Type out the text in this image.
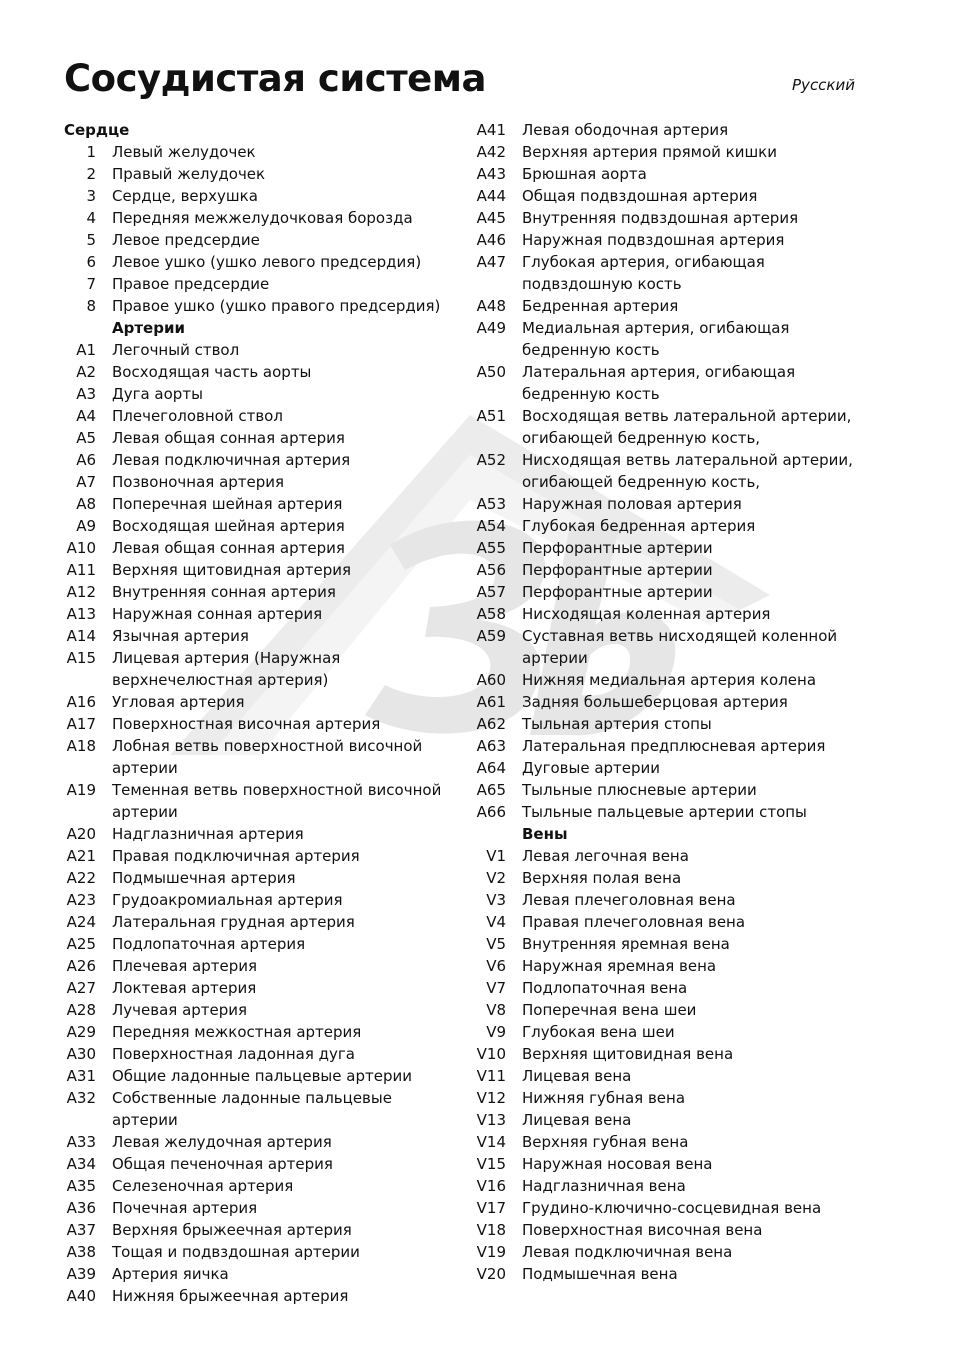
Сосудистая система	Русский
Сердце
1	Левый желудочек
2	Правый желудочек
3	Сердце, верхушка
4	Передняя межжелудочковая борозда
5	Левое предсердие
6	Левое ушко (ушко левого предсердия)
7	Правое предсердие
8	Правое ушко (ушко правого предсердия)
Артерии
A1	Легочный ствол
A2	Восходящая часть аорты
A3	Дуга аорты
A4	Плечеголовной ствол
A5	Левая общая сонная артерия
A6	Левая подключичная артерия
A7	Позвоночная артерия
A8	Поперечная шейная артерия
A9	Восходящая шейная артерия
A10	Левая общая сонная артерия
A11	Верхняя щитовидная артерия
A12	Внутренняя сонная артерия
A13	Наружная сонная артерия
A14	Язычная артерия
A15	Лицевая артерия (Наружная верхнечелюстная артерия)
A16	Угловая артерия
A17	Поверхностная височная артерия
A18	Лобная ветвь поверхностной височной артерии
A19	Теменная ветвь поверхностной височной артерии
A20	Надглазничная артерия
A21	Правая подключичная артерия
A22	Подмышечная артерия
A23	Грудоакромиальная артерия
A24	Латеральная грудная артерия
A25	Подлопаточная артерия
A26	Плечевая артерия
A27	Локтевая артерия
A28	Лучевая артерия
A29	Передняя межкостная артерия
A30	Поверхностная ладонная дуга
A31	Общие ладонные пальцевые артерии
A32	Собственные ладонные пальцевые артерии
A33	Левая желудочная артерия
A34	Общая печеночная артерия
A35	Селезеночная артерия
A36	Почечная артерия
A37	Верхняя брыжеечная артерия
A38	Тощая и подвздошная артерии
A39	Артерия яичка
A40	Нижняя брыжеечная артерия
A41	Левая ободочная артерия
A42	Верхняя артерия прямой кишки
A43	Брюшная аорта
A44	Общая подвздошная артерия
A45	Внутренняя подвздошная артерия
A46	Наружная подвздошная артерия
A47	Глубокая артерия, огибающая подвздошную кость
A48	Бедренная артерия
A49	Медиальная артерия, огибающая бедренную кость
A50	Латеральная артерия, огибающая бедренную кость
A51	Восходящая ветвь латеральной артерии, огибающей бедренную кость,
A52	Нисходящая ветвь латеральной артерии, огибающей бедренную кость,
A53	Наружная половая артерия
A54	Глубокая бедренная артерия
A55	Перфорантные артерии
A56	Перфорантные артерии
A57	Перфорантные артерии
A58	Нисходящая коленная артерия
A59	Суставная ветвь нисходящей коленной артерии
A60	Нижняя медиальная артерия колена
A61	Задняя большеберцовая артерия
A62	Тыльная артерия стопы
A63	Латеральная предплюсневая артерия
A64	Дуговые артерии
A65	Тыльные плюсневые артерии
A66	Тыльные пальцевые артерии стопы
Вены
V1	Левая легочная вена
V2	Верхняя полая вена
V3	Левая плечеголовная вена
V4	Правая плечеголовная вена
V5	Внутренняя яремная вена
V6	Наружная яремная вена
V7	Подлопаточная вена
V8	Поперечная вена шеи
V9	Глубокая вена шеи
V10	Верхняя щитовидная вена
V11	Лицевая вена
V12	Нижняя губная вена
V13	Лицевая вена
V14	Верхняя губная вена
V15	Наружная носовая вена
V16	Надглазничная вена
V17	Грудино-ключично-сосцевидная вена
V18	Поверхностная височная вена
V19	Левая подключичная вена
V20	Подмышечная вена
